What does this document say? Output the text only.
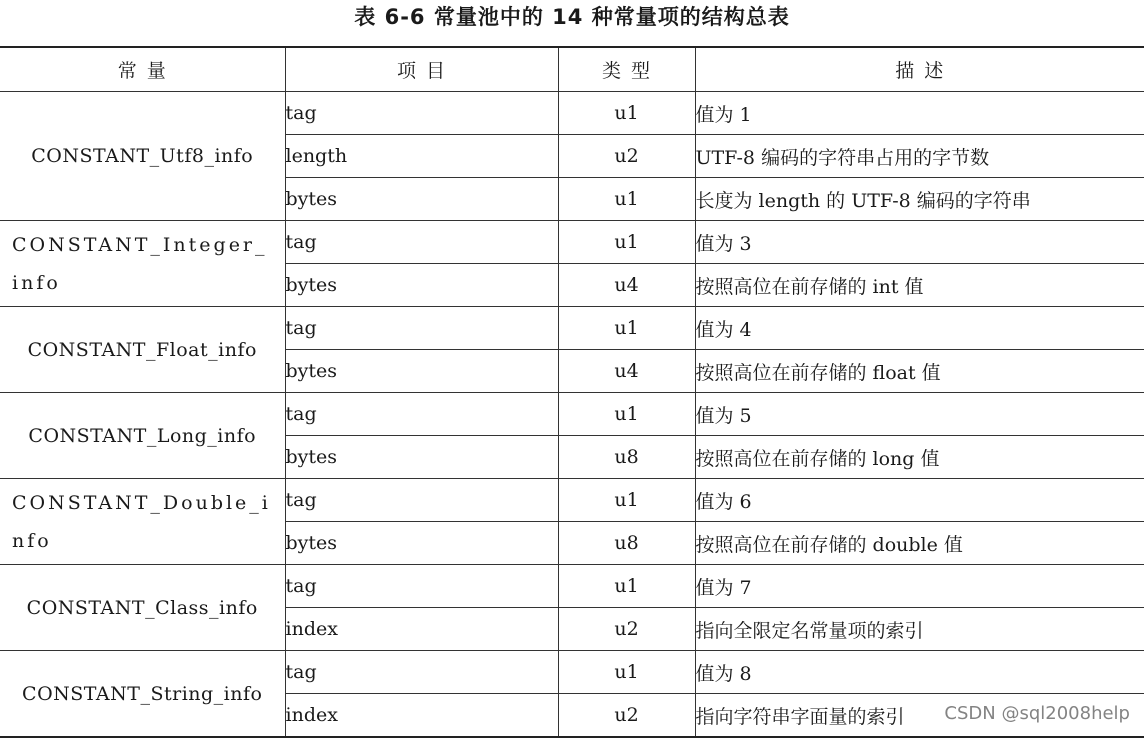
表 6-6 常量池中的 14 种常量项的结构总表
常 量	项 目	类 型	描 述
CONSTANT_Utf8_info	tag	u1	值为 1
	length	u2	UTF-8 编码的字符串占用的字节数
	bytes	u1	长度为 length 的 UTF-8 编码的字符串
CONSTANT_Integer_info	tag	u1	值为 3
	bytes	u4	按照高位在前存储的 int 值
CONSTANT_Float_info	tag	u1	值为 4
	bytes	u4	按照高位在前存储的 float 值
CONSTANT_Long_info	tag	u1	值为 5
	bytes	u8	按照高位在前存储的 long 值
CONSTANT_Double_info	tag	u1	值为 6
	bytes	u8	按照高位在前存储的 double 值
CONSTANT_Class_info	tag	u1	值为 7
	index	u2	指向全限定名常量项的索引
CONSTANT_String_info	tag	u1	值为 8
	index	u2	指向字符串字面量的索引 CSDN @sql2008help
